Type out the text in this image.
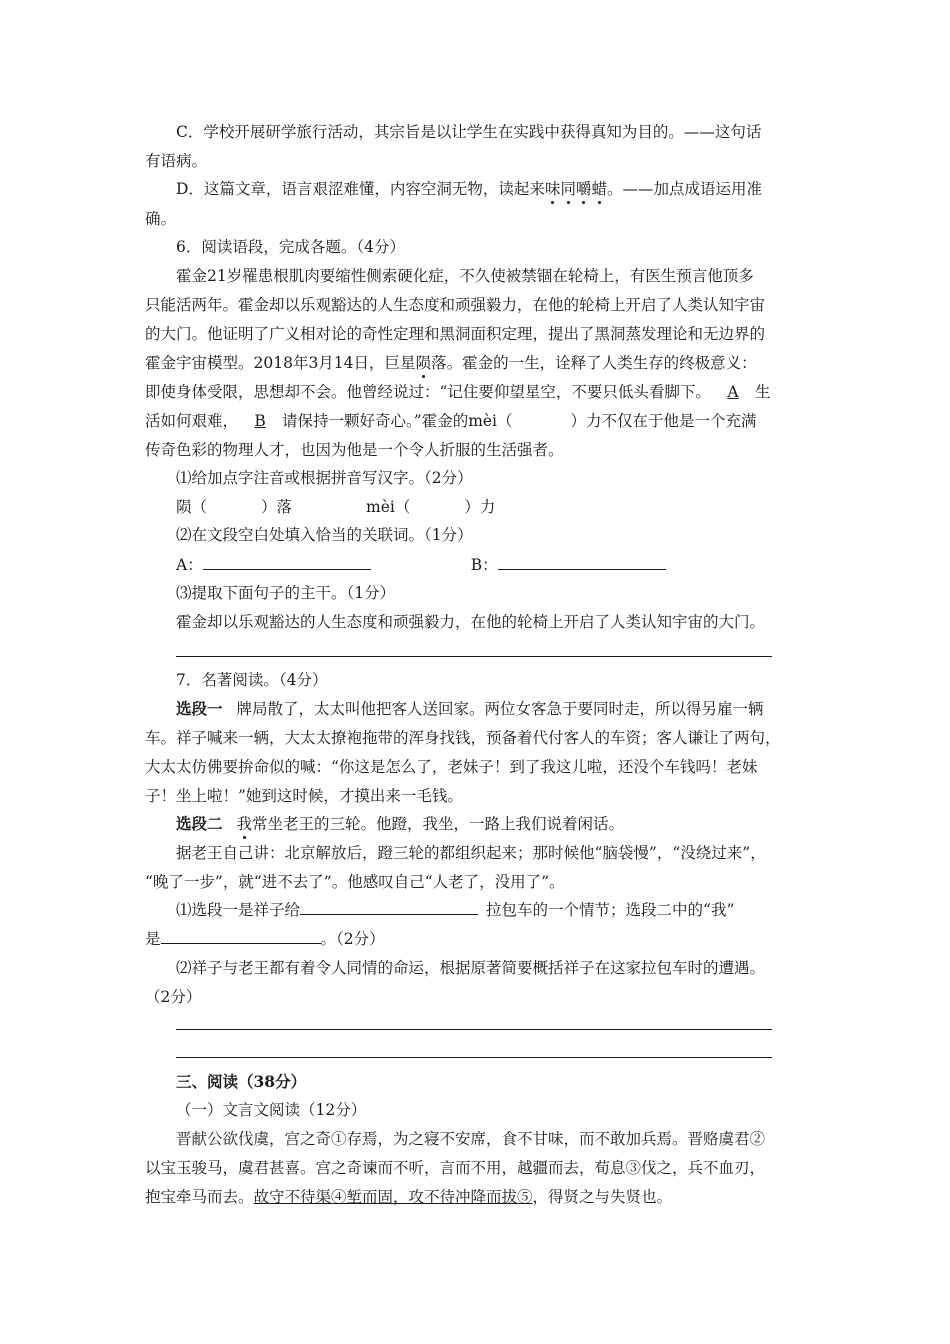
C．学校开展研学旅行活动，其宗旨是以让学生在实践中获得真知为目的。——这句话
有语病。
D．这篇文章，语言艰涩难懂，内容空洞无物，读起来味同嚼蜡。——加点成语运用准
确。
6．阅读语段，完成各题。（4分）
霍金21岁罹患根肌肉要缩性侧索硬化症，不久使被禁锢在轮椅上，有医生预言他顶多
只能活两年。霍金却以乐观豁达的人生态度和顽强毅力，在他的轮椅上开启了人类认知宇宙
的大门。他证明了广义相对论的奇性定理和黑洞面积定理，提出了黑洞蒸发理论和无边界的
霍金宇宙模型。2018年3月14日，巨星陨落。霍金的一生，诠释了人类生存的终极意义：
即使身体受限，思想却不会。他曾经说过：“记住要仰望星空，不要只低头看脚下。 A 生
活如何艰难， B 请保持一颗好奇心。”霍金的mèi（	）力不仅在于他是一个充满
传奇色彩的物理人才，也因为他是一个令人折服的生活强者。
⑴给加点字注音或根据拼音写汉字。（2分）
陨（	）落	mèi（	）力
⑵在文段空白处填入恰当的关联词。（1分）
A：	B：
⑶提取下面句子的主干。（1分）
霍金却以乐观豁达的人生态度和顽强毅力，在他的轮椅上开启了人类认知宇宙的大门。
7．名著阅读。（4分）
选段一 牌局散了，太太叫他把客人送回家。两位女客急于要同时走，所以得另雇一辆
车。祥子喊来一辆，大太太撩袍拖带的浑身找钱，预备着代付客人的车资；客人谦让了两句，
大太太仿佛要拚命似的喊：“你这是怎么了，老妹子！到了我这儿啦，还没个车钱吗！老妹
子！坐上啦！”她到这时候，才摸出来一毛钱。
选段二 我常坐老王的三轮。他蹬，我坐，一路上我们说着闲话。
据老王自己讲：北京解放后，蹬三轮的都组织起来；那时候他“脑袋慢”，“没绕过来”，
“晚了一步”，就“进不去了”。他感叹自己“人老了，没用了”。
⑴选段一是祥子给	拉包车的一个情节；选段二中的“我”
是	。（2分）
⑵祥子与老王都有着令人同情的命运，根据原著简要概括祥子在这家拉包车时的遭遇。
（2分）
三、阅读（38分）
（一）文言文阅读（12分）
晋献公欲伐虞，宫之奇①存焉，为之寝不安席，食不甘味，而不敢加兵焉。晋赂虞君②
以宝玉骏马，虞君甚喜。宫之奇谏而不听，言而不用，越疆而去，荀息③伐之，兵不血刃，
抱宝牵马而去。故守不待渠④堑而固，攻不待冲降而拔⑤，得贤之与失贤也。
